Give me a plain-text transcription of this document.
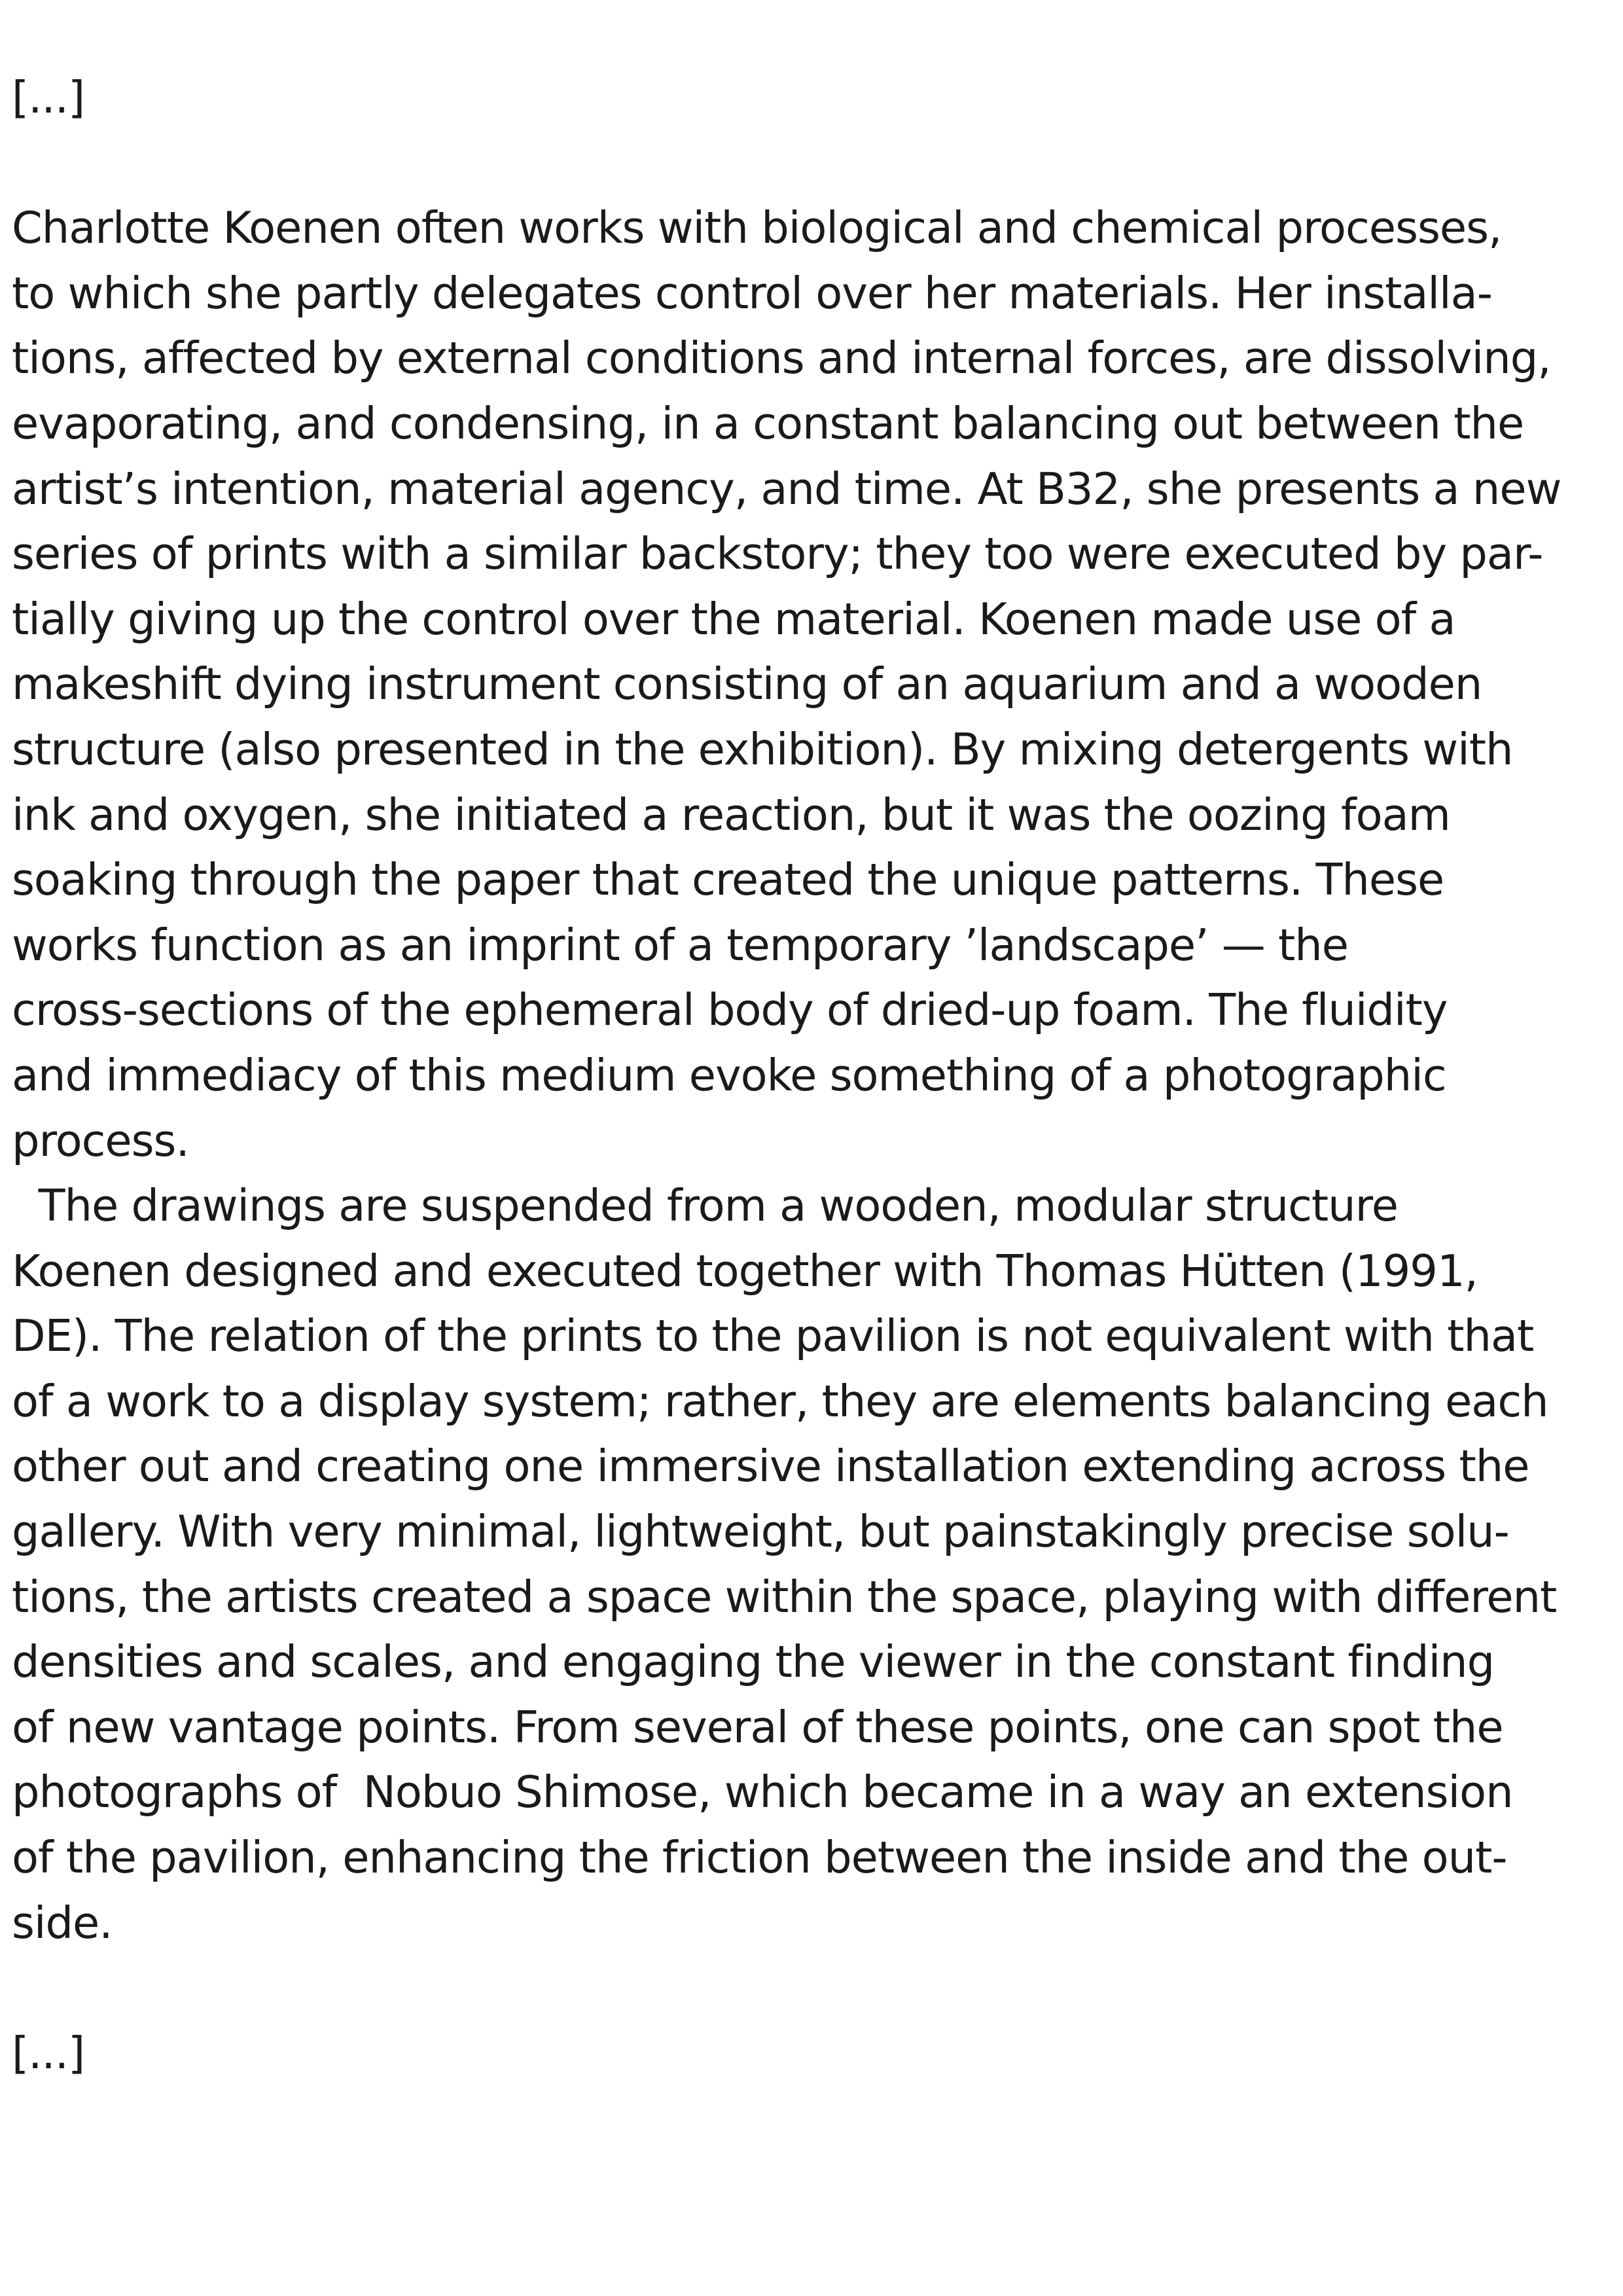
[...]

Charlotte Koenen often works with biological and chemical processes,

to which she partly delegates control over her materials. Her installa-

tions, affected by external conditions and internal forces, are dissolving,

evaporating, and condensing, in a constant balancing out between the

artist’s intention, material agency, and time. At B32, she presents a new

series of prints with a similar backstory; they too were executed by par-

tially giving up the control over the material. Koenen made use of a

makeshift dying instrument consisting of an aquarium and a wooden

structure (also presented in the exhibition). By mixing detergents with

ink and oxygen, she initiated a reaction, but it was the oozing foam

soaking through the paper that created the unique patterns. These

works function as an imprint of a temporary ’landscape’ — the

cross-sections of the ephemeral body of dried-up foam. The fluidity

and immediacy of this medium evoke something of a photographic

process.

The drawings are suspended from a wooden, modular structure

Koenen designed and executed together with Thomas Hütten (1991,

DE). The relation of the prints to the pavilion is not equivalent with that

of a work to a display system; rather, they are elements balancing each

other out and creating one immersive installation extending across the

gallery. With very minimal, lightweight, but painstakingly precise solu-

tions, the artists created a space within the space, playing with different

densities and scales, and engaging the viewer in the constant finding

of new vantage points. From several of these points, one can spot the

photographs of  Nobuo Shimose, which became in a way an extension

of the pavilion, enhancing the friction between the inside and the out-

side.

[...]
